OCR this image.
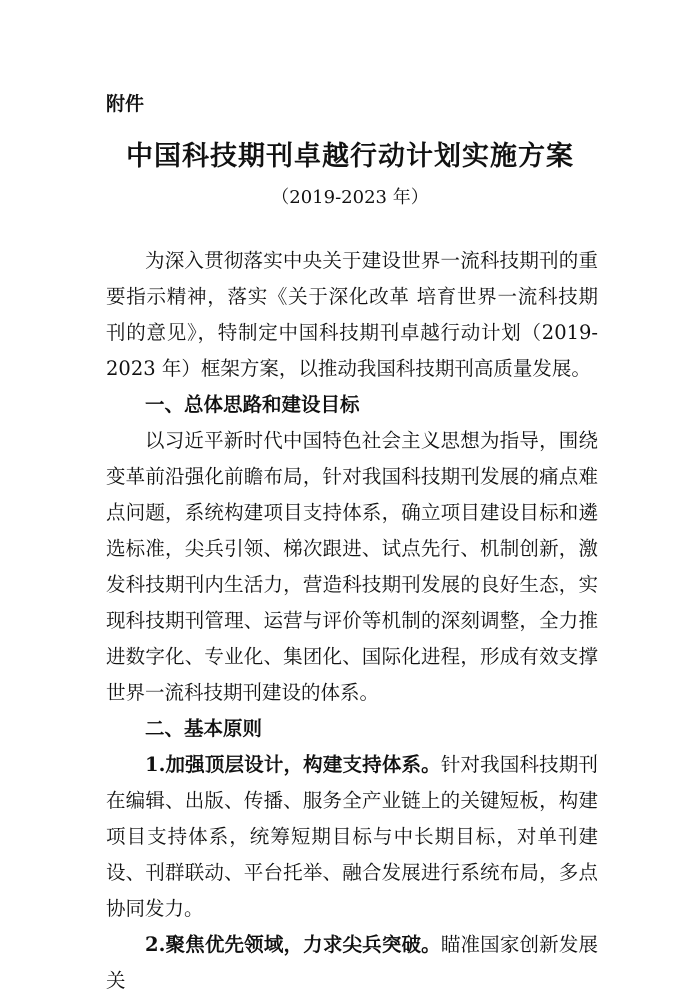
附件

中国科技期刊卓越行动计划实施方案

（2019-2023 年）

为深入贯彻落实中央关于建设世界一流科技期刊的重要指示精神，落实《关于深化改革 培育世界一流科技期刊的意见》，特制定中国科技期刊卓越行动计划（2019-2023 年）框架方案，以推动我国科技期刊高质量发展。

一、总体思路和建设目标

以习近平新时代中国特色社会主义思想为指导，围绕变革前沿强化前瞻布局，针对我国科技期刊发展的痛点难点问题，系统构建项目支持体系，确立项目建设目标和遴选标准，尖兵引领、梯次跟进、试点先行、机制创新，激发科技期刊内生活力，营造科技期刊发展的良好生态，实现科技期刊管理、运营与评价等机制的深刻调整，全力推进数字化、专业化、集团化、国际化进程，形成有效支撑世界一流科技期刊建设的体系。

二、基本原则

1.加强顶层设计，构建支持体系。针对我国科技期刊在编辑、出版、传播、服务全产业链上的关键短板，构建项目支持体系，统筹短期目标与中长期目标，对单刊建设、刊群联动、平台托举、融合发展进行系统布局，多点协同发力。

2.聚焦优先领域，力求尖兵突破。瞄准国家创新发展关
